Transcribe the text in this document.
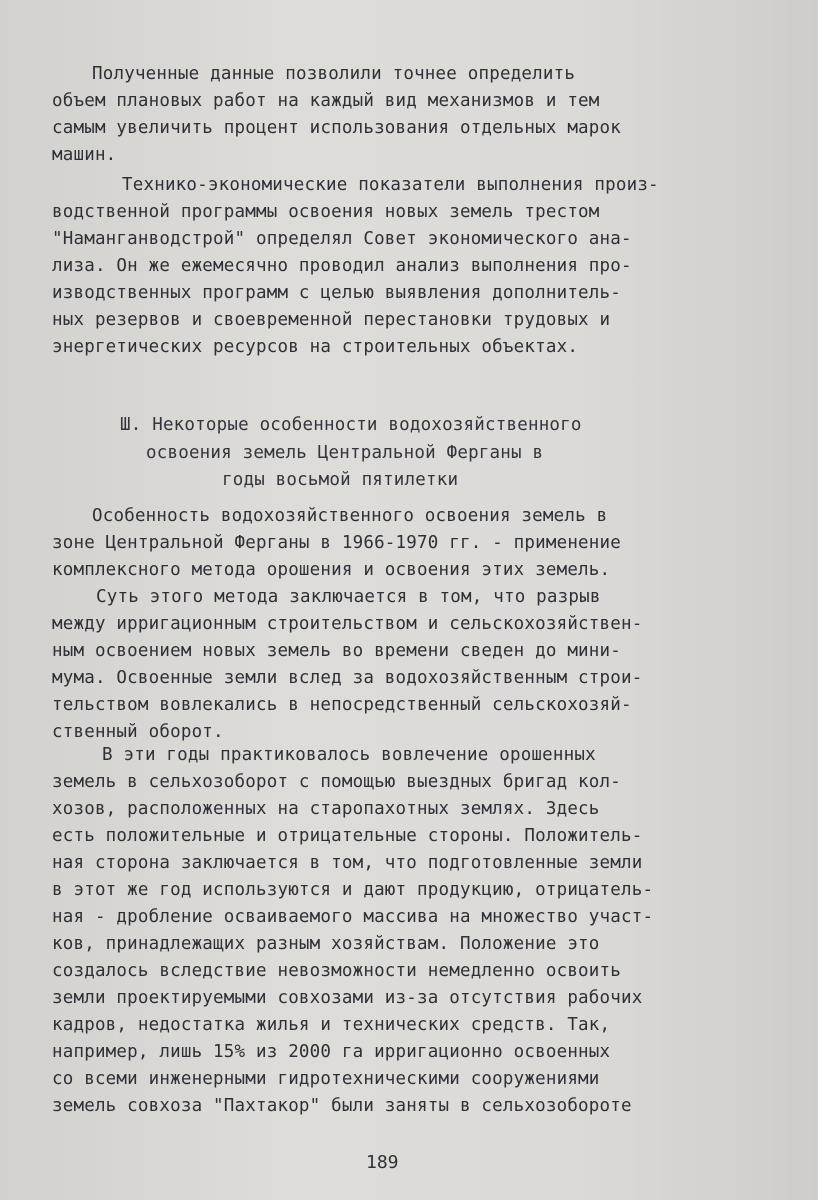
Полученные данные позволили точнее определить
объем плановых работ на каждый вид механизмов и тем
самым увеличить процент использования отдельных марок
машин.
Технико-экономические показатели выполнения произ-
водственной программы освоения новых земель трестом
"Наманганводстрой" определял Совет экономического ана-
лиза. Он же ежемесячно проводил анализ выполнения про-
изводственных программ с целью выявления дополнитель-
ных резервов и своевременной перестановки трудовых и
энергетических ресурсов на строительных объектах.
Ш. Некоторые особенности водохозяйственного
освоения земель Центральной Ферганы в
годы восьмой пятилетки
Особенность водохозяйственного освоения земель в
зоне Центральной Ферганы в 1966-1970 гг. - применение
комплексного метода орошения и освоения этих земель.
Суть этого метода заключается в том, что разрыв
между ирригационным строительством и сельскохозяйствен-
ным освоением новых земель во времени сведен до мини-
мума. Освоенные земли вслед за водохозяйственным строи-
тельством вовлекались в непосредственный сельскохозяй-
ственный оборот.
В эти годы практиковалось вовлечение орошенных
земель в сельхозоборот с помощью выездных бригад кол-
хозов, расположенных на старопахотных землях. Здесь
есть положительные и отрицательные стороны. Положитель-
ная сторона заключается в том, что подготовленные земли
в этот же год используются и дают продукцию, отрицатель-
ная - дробление осваиваемого массива на множество участ-
ков, принадлежащих разным хозяйствам. Положение это
создалось вследствие невозможности немедленно освоить
земли проектируемыми совхозами из-за отсутствия рабочих
кадров, недостатка жилья и технических средств. Так,
например, лишь 15% из 2000 га ирригационно освоенных
со всеми инженерными гидротехническими сооружениями
земель совхоза "Пахтакор" были заняты в сельхозобороте
189
